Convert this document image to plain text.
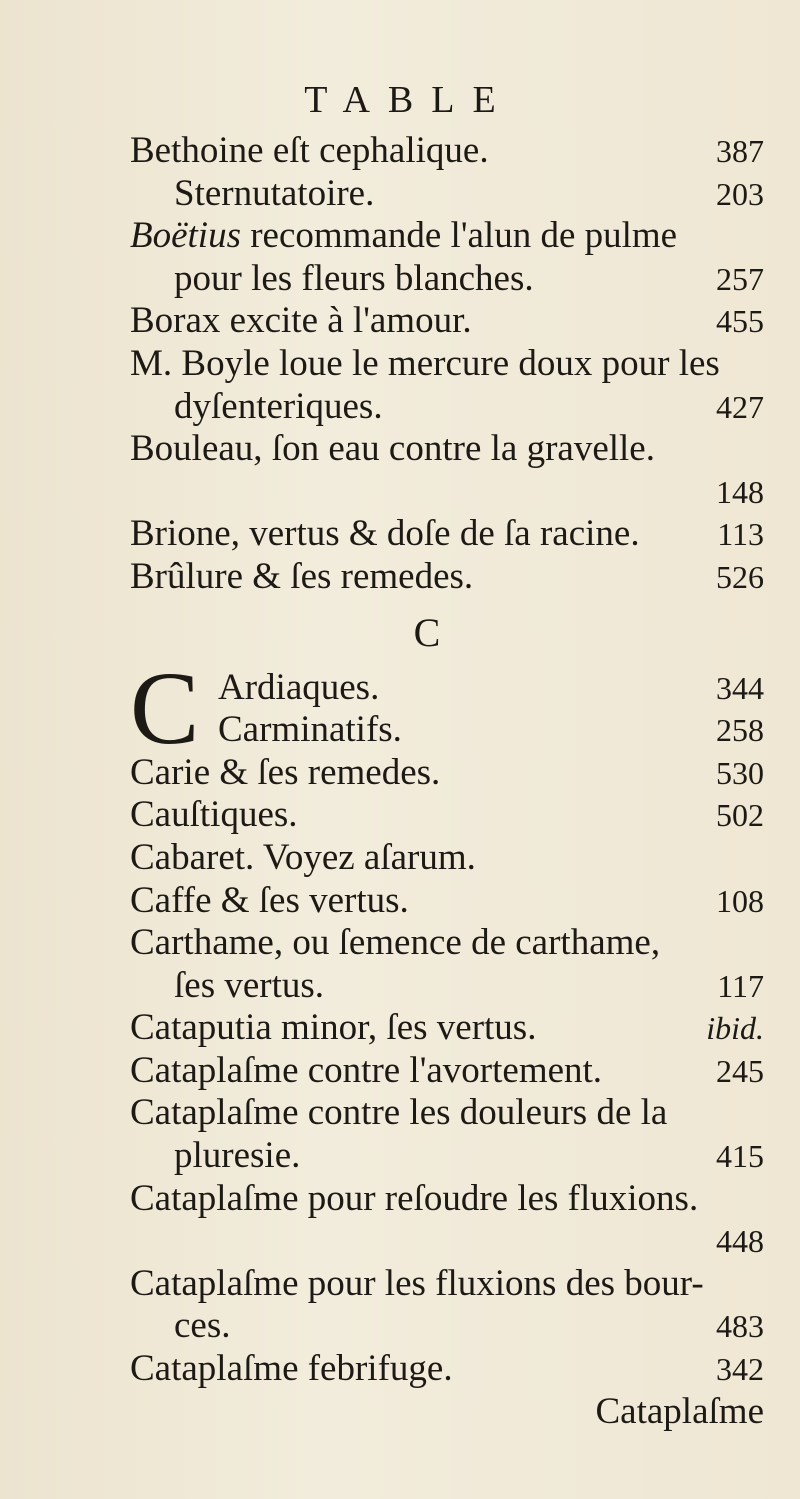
TABLE
Bethoine eſt cephalique.	387
Sternutatoire.	203
Boëtius recommande l'alun de pulme
pour les fleurs blanches.	257
Borax excite à l'amour.	455
M. Boyle loue le mercure doux pour les
dyſenteriques.	427
Bouleau, ſon eau contre la gravelle.
148
Brione, vertus & doſe de ſa racine. 113
Brûlure & ſes remedes.	526
C
Ardiaques.	344
Carminatifs.	258
Carie & ſes remedes.	530
Cauſtiques.	502
Cabaret. Voyez aſarum.
Caffe & ſes vertus.	108
Carthame, ou ſemence de carthame,
ſes vertus.	117
Cataputia minor, ſes vertus.	ibid.
Cataplaſme contre l'avortement.	245
Cataplaſme contre les douleurs de la
pluresie.	415
Cataplaſme pour reſoudre les fluxions.
448
Cataplaſme pour les fluxions des bour-
ces.	483
Cataplaſme febrifuge.	342
C
Cataplaſme
